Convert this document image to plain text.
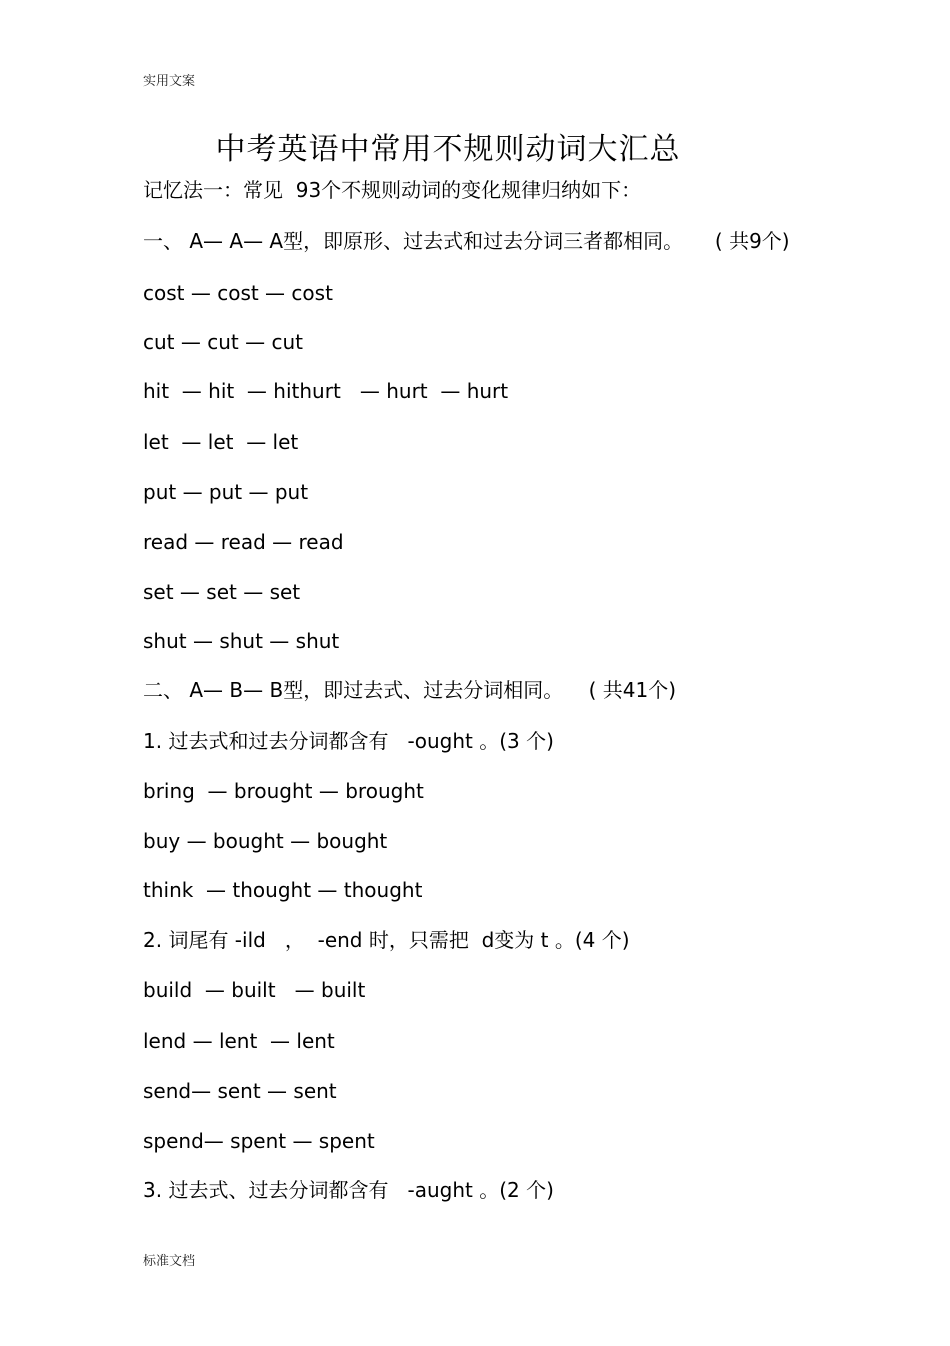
实用文案
中考英语中常用不规则动词大汇总
记忆法一：常见  93个不规则动词的变化规律归纳如下：
一、 A— A— A型，即原形、过去式和过去分词三者都相同。     ( 共9个)
cost — cost — cost
cut — cut — cut
hit  — hit  — hithurt   — hurt  — hurt
let  — let  — let
put — put — put
read — read — read
set — set — set
shut — shut — shut
二、 A— B— B型，即过去式、过去分词相同。    ( 共41个)
1. 过去式和过去分词都含有   -ought 。(3 个)
bring  — brought — brought
buy — bought — bought
think  — thought — thought
2. 词尾有 -ild   ，  -end 时，只需把  d变为 t 。(4 个)
build  — built   — built
lend — lent  — lent
send— sent — sent
spend— spent — spent
3. 过去式、过去分词都含有   -aught 。(2 个)
标准文档
